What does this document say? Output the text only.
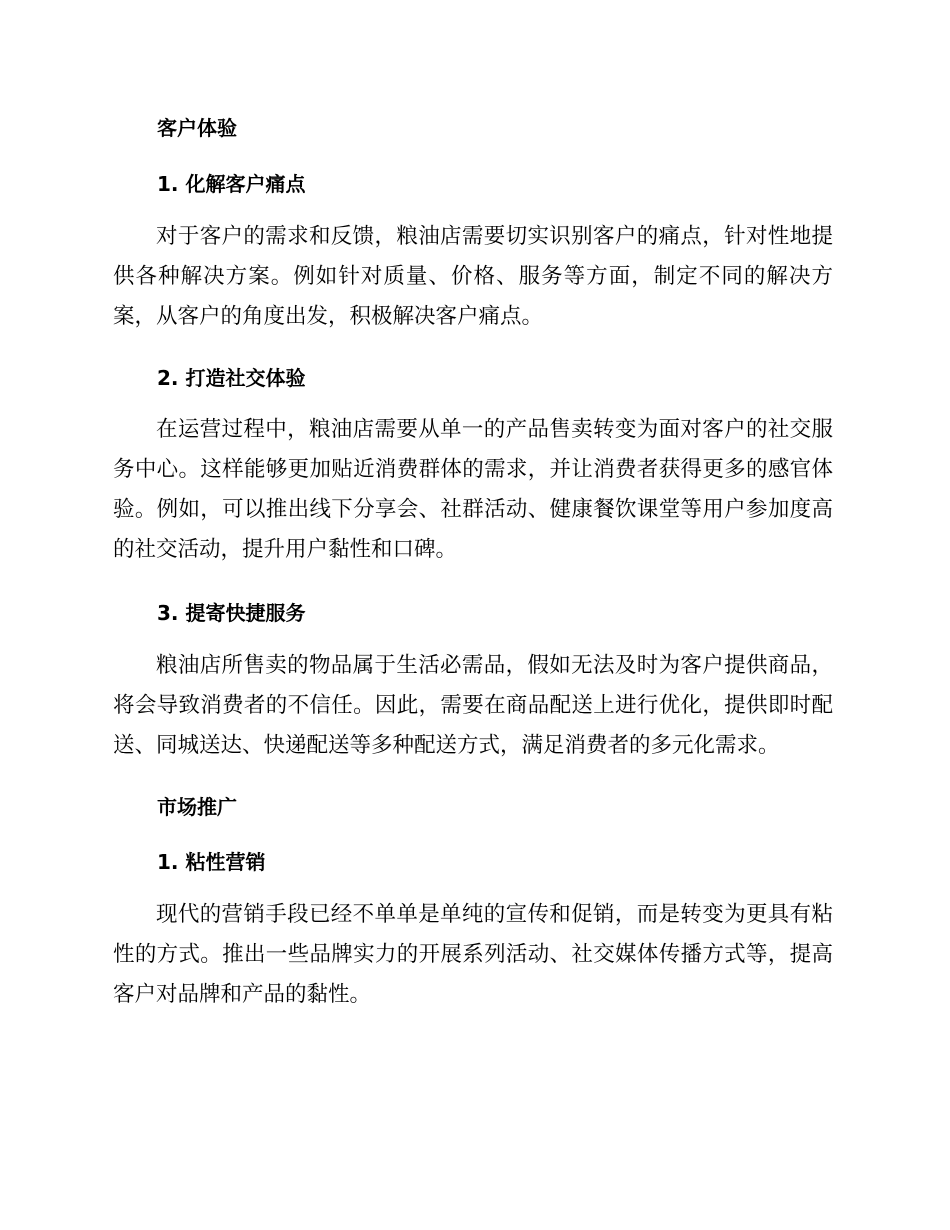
客户体验
1. 化解客户痛点

对于客户的需求和反馈，粮油店需要切实识别客户的痛点，针对性地提供各种解决方案。例如针对质量、价格、服务等方面，制定不同的解决方案，从客户的角度出发，积极解决客户痛点。

2. 打造社交体验

在运营过程中，粮油店需要从单一的产品售卖转变为面对客户的社交服务中心。这样能够更加贴近消费群体的需求，并让消费者获得更多的感官体验。例如，可以推出线下分享会、社群活动、健康餐饮课堂等用户参加度高的社交活动，提升用户黏性和口碑。

3. 提寄快捷服务

粮油店所售卖的物品属于生活必需品，假如无法及时为客户提供商品，将会导致消费者的不信任。因此，需要在商品配送上进行优化，提供即时配送、同城送达、快递配送等多种配送方式，满足消费者的多元化需求。

市场推广
1. 粘性营销

现代的营销手段已经不单单是单纯的宣传和促销，而是转变为更具有粘性的方式。推出一些品牌实力的开展系列活动、社交媒体传播方式等，提高客户对品牌和产品的黏性。
